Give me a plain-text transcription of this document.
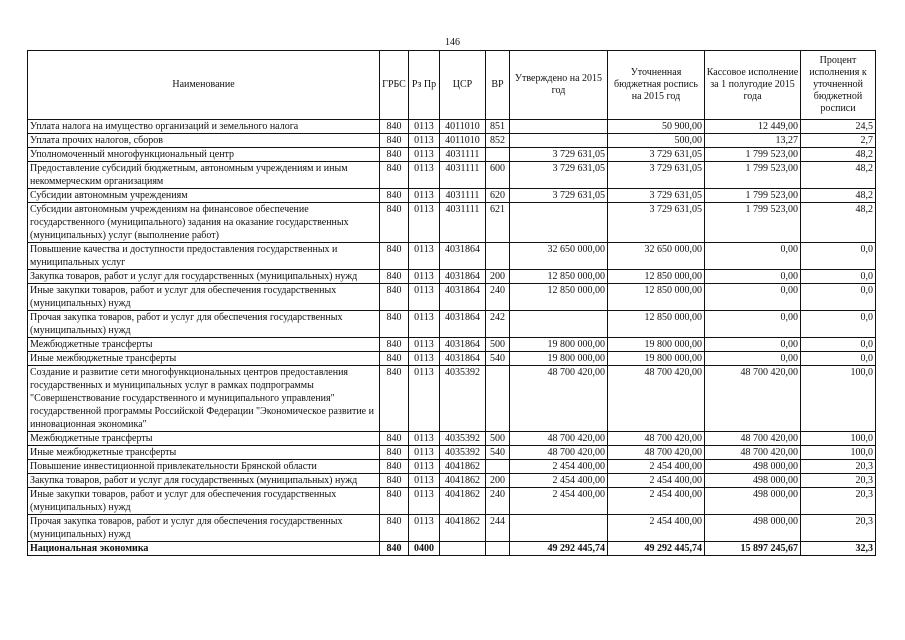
146
Наименование	ГРБС	Рз Пр	ЦСР	ВР	Утверждено на 2015 год	Уточненная бюджетная роспись на 2015 год	Кассовое исполнение за 1 полугодие 2015 года	Процент исполнения к уточненной бюджетной росписи
Уплата налога на имущество организаций и земельного налога	840	0113	4011010	851		50 900,00	12 449,00	24,5
Уплата прочих налогов, сборов	840	0113	4011010	852		500,00	13,27	2,7
Уполномоченный многофункциональный центр	840	0113	4031111		3 729 631,05	3 729 631,05	1 799 523,00	48,2
Предоставление субсидий бюджетным, автономным учреждениям и иным некоммерческим организациям	840	0113	4031111	600	3 729 631,05	3 729 631,05	1 799 523,00	48,2
Субсидии автономным учреждениям	840	0113	4031111	620	3 729 631,05	3 729 631,05	1 799 523,00	48,2
Субсидии автономным учреждениям на финансовое обеспечение государственного (муниципального) задания на оказание государственных (муниципальных) услуг (выполнение работ)	840	0113	4031111	621		3 729 631,05	1 799 523,00	48,2
Повышение качества и доступности предоставления государственных и муниципальных услуг	840	0113	4031864		32 650 000,00	32 650 000,00	0,00	0,0
Закупка товаров, работ и услуг для государственных (муниципальных) нужд	840	0113	4031864	200	12 850 000,00	12 850 000,00	0,00	0,0
Иные закупки товаров, работ и услуг для обеспечения государственных (муниципальных) нужд	840	0113	4031864	240	12 850 000,00	12 850 000,00	0,00	0,0
Прочая закупка товаров, работ и услуг для обеспечения государственных (муниципальных) нужд	840	0113	4031864	242		12 850 000,00	0,00	0,0
Межбюджетные трансферты	840	0113	4031864	500	19 800 000,00	19 800 000,00	0,00	0,0
Иные межбюджетные трансферты	840	0113	4031864	540	19 800 000,00	19 800 000,00	0,00	0,0
Создание и развитие сети многофункциональных центров предоставления государственных и муниципальных услуг в рамках подпрограммы "Совершенствование государственного и муниципального управления" государственной программы Российской Федерации "Экономическое развитие и инновационная экономика"	840	0113	4035392		48 700 420,00	48 700 420,00	48 700 420,00	100,0
Межбюджетные трансферты	840	0113	4035392	500	48 700 420,00	48 700 420,00	48 700 420,00	100,0
Иные межбюджетные трансферты	840	0113	4035392	540	48 700 420,00	48 700 420,00	48 700 420,00	100,0
Повышение инвестиционной привлекательности Брянской области	840	0113	4041862		2 454 400,00	2 454 400,00	498 000,00	20,3
Закупка товаров, работ и услуг для государственных (муниципальных) нужд	840	0113	4041862	200	2 454 400,00	2 454 400,00	498 000,00	20,3
Иные закупки товаров, работ и услуг для обеспечения государственных (муниципальных) нужд	840	0113	4041862	240	2 454 400,00	2 454 400,00	498 000,00	20,3
Прочая закупка товаров, работ и услуг для обеспечения государственных (муниципальных) нужд	840	0113	4041862	244		2 454 400,00	498 000,00	20,3
Национальная экономика	840	0400			49 292 445,74	49 292 445,74	15 897 245,67	32,3
